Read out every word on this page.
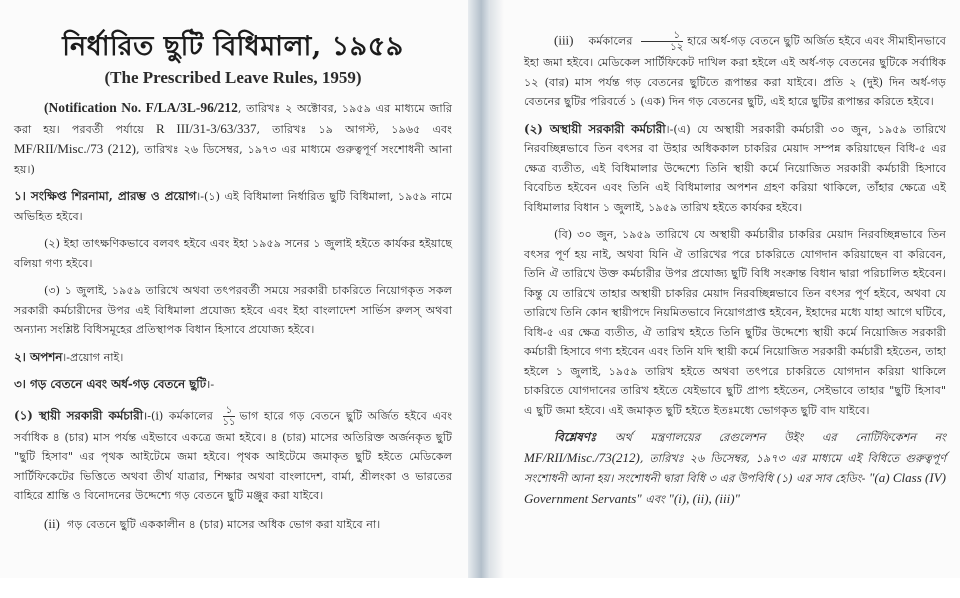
নির্ধারিত ছুটি বিধিমালা, ১৯৫৯
(The Prescribed Leave Rules, 1959)

(Notification No. F/LA/3L-96/212, তারিখঃ ২ অক্টোবর, ১৯৫৯ এর মাধ্যমে জারি করা হয়। পরবর্তী পর্যায়ে R III/31-3/63/337, তারিখঃ ১৯ আগস্ট, ১৯৬৫ এবং MF/RII/Misc./73 (212), তারিখঃ ২৬ ডিসেম্বর, ১৯৭৩ এর মাধ্যমে গুরুত্বপূর্ণ সংশোধনী আনা হয়।)

১। সংক্ষিপ্ত শিরনামা, প্রারম্ভ ও প্রয়োগ।-(১) এই বিধিমালা নির্ধারিত ছুটি বিধিমালা, ১৯৫৯ নামে অভিহিত হইবে।

(২) ইহা তাৎক্ষণিকভাবে বলবৎ হইবে এবং ইহা ১৯৫৯ সনের ১ জুলাই হইতে কার্যকর হইয়াছে বলিয়া গণ্য হইবে।

(৩) ১ জুলাই, ১৯৫৯ তারিখে অথবা তৎপরবর্তী সময়ে সরকারী চাকরিতে নিয়োগকৃত সকল সরকারী কর্মচারীদের উপর এই বিধিমালা প্রযোজ্য হইবে এবং ইহা বাংলাদেশ সার্ভিস রুলস্ অথবা অন্যান্য সংশ্লিষ্ট বিধিসমূহের প্রতিস্থাপক বিধান হিসাবে প্রযোজ্য হইবে।

২। অপশন।-প্রয়োগ নাই।

৩। গড় বেতনে এবং অর্ধ-গড় বেতনে ছুটি।-

(১) স্থায়ী সরকারী কর্মচারী।-(i) কর্মকালের $\frac{১}{১১}$ ভাগ হারে গড় বেতনে ছুটি অর্জিত হইবে এবং সর্বাধিক ৪ (চার) মাস পর্যন্ত এইভাবে একত্রে জমা হইবে। ৪ (চার) মাসের অতিরিক্ত অর্জনকৃত ছুটি "ছুটি হিসাব" এর পৃথক আইটেমে জমা হইবে। পৃথক আইটেমে জমাকৃত ছুটি হইতে মেডিকেল সার্টিফিকেটের ভিত্তিতে অথবা তীর্থ যাত্রার, শিক্ষার অথবা বাংলাদেশ, বার্মা, শ্রীলংকা ও ভারতের বাহিরে শ্রান্তি ও বিনোদনের উদ্দেশ্যে গড় বেতনে ছুটি মঞ্জুর করা যাইবে।

(ii) গড় বেতনে ছুটি এককালীন ৪ (চার) মাসের অধিক ভোগ করা যাইবে না।

(iii) কর্মকালের $\frac{১}{১২}$ হারে অর্ধ-গড় বেতনে ছুটি অর্জিত হইবে এবং সীমাহীনভাবে ইহা জমা হইবে। মেডিকেল সার্টিফিকেট দাখিল করা হইলে এই অর্ধ-গড় বেতনের ছুটিকে সর্বাধিক ১২ (বার) মাস পর্যন্ত গড় বেতনের ছুটিতে রূপান্তর করা যাইবে। প্রতি ২ (দুই) দিন অর্ধ-গড় বেতনের ছুটির পরিবর্তে ১ (এক) দিন গড় বেতনের ছুটি, এই হারে ছুটির রূপান্তর করিতে হইবে।

(২) অস্থায়ী সরকারী কর্মচারী।-(এ) যে অস্থায়ী সরকারী কর্মচারী ৩০ জুন, ১৯৫৯ তারিখে নিরবচ্ছিন্নভাবে তিন বৎসর বা উহার অধিককাল চাকরির মেয়াদ সম্পন্ন করিয়াছেন বিধি-৫ এর ক্ষেত্র ব্যতীত, এই বিধিমালার উদ্দেশ্যে তিনি স্থায়ী কর্মে নিয়োজিত সরকারী কর্মচারী হিসাবে বিবেচিত হইবেন এবং তিনি এই বিধিমালার অপশন গ্রহণ করিয়া থাকিলে, তাঁহার ক্ষেত্রে এই বিধিমালার বিধান ১ জুলাই, ১৯৫৯ তারিখ হইতে কার্যকর হইবে।

(বি) ৩০ জুন, ১৯৫৯ তারিখে যে অস্থায়ী কর্মচারীর চাকরির মেয়াদ নিরবচ্ছিন্নভাবে তিন বৎসর পূর্ণ হয় নাই, অথবা যিনি ঐ তারিখের পরে চাকরিতে যোগদান করিয়াছেন বা করিবেন, তিনি ঐ তারিখে উক্ত কর্মচারীর উপর প্রযোজ্য ছুটি বিধি সংক্রান্ত বিধান দ্বারা পরিচালিত হইবেন। কিন্তু যে তারিখে তাহার অস্থায়ী চাকরির মেয়াদ নিরবচ্ছিন্নভাবে তিন বৎসর পূর্ণ হইবে, অথবা যে তারিখে তিনি কোন স্থায়ীপদে নিয়মিতভাবে নিয়োগপ্রাপ্ত হইবেন, ইহাদের মধ্যে যাহা আগে ঘটিবে, বিধি-৫ এর ক্ষেত্র ব্যতীত, ঐ তারিখ হইতে তিনি ছুটির উদ্দেশ্যে স্থায়ী কর্মে নিয়োজিত সরকারী কর্মচারী হিসাবে গণ্য হইবেন এবং তিনি যদি স্থায়ী কর্মে নিয়োজিত সরকারী কর্মচারী হইতেন, তাহা হইলে ১ জুলাই, ১৯৫৯ তারিখ হইতে অথবা তৎপরে চাকরিতে যোগদান করিয়া থাকিলে চাকরিতে যোগদানের তারিখ হইতে যেইভাবে ছুটি প্রাপ্য হইতেন, সেইভাবে তাহার "ছুটি হিসাব" এ ছুটি জমা হইবে। এই জমাকৃত ছুটি হইতে ইতঃমধ্যে ভোগকৃত ছুটি বাদ যাইবে।

বিশ্লেষণঃ অর্থ মন্ত্রণালয়ের রেগুলেশন উইং এর নোটিফিকেশন নং MF/RII/Misc./73(212), তারিখঃ ২৬ ডিসেম্বর, ১৯৭৩ এর মাধ্যমে এই বিধিতে গুরুত্বপূর্ণ সংশোধনী আনা হয়। সংশোধনী দ্বারা বিধি ৩ এর উপবিধি (১) এর সাব হেডিং- "(a) Class (IV) Government Servants" এবং "(i), (ii), (iii)"
